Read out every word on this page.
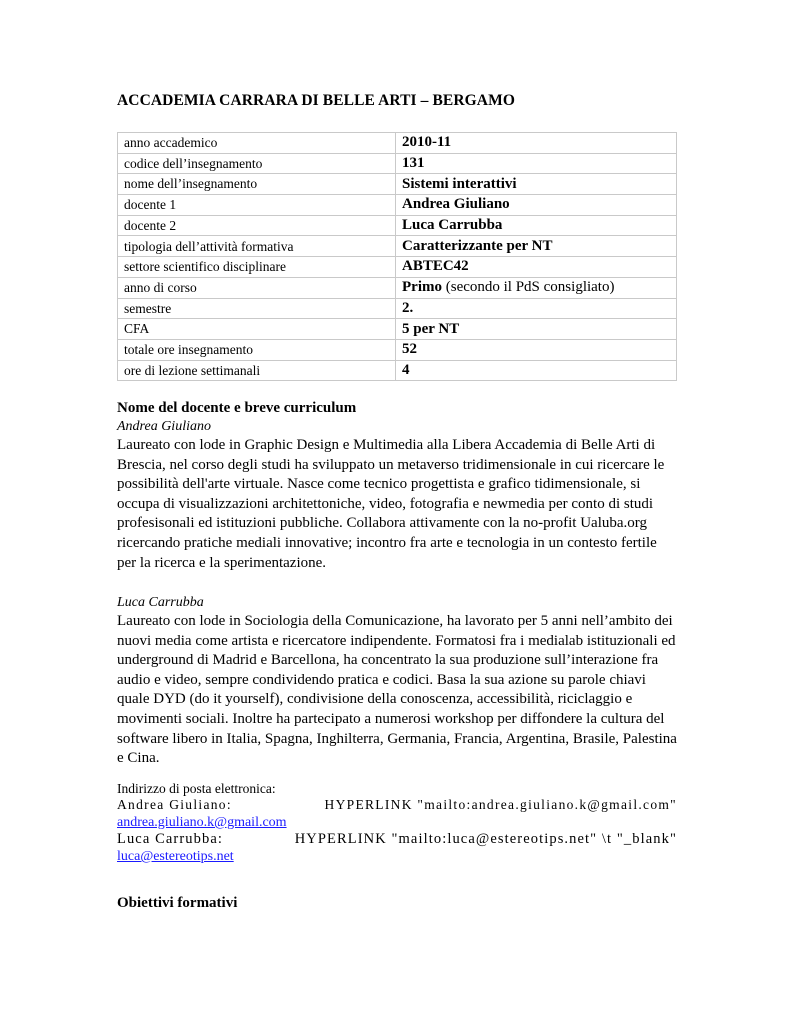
ACCADEMIA CARRARA DI BELLE ARTI – BERGAMO
anno accademico	2010-11
codice dell’insegnamento	131
nome dell’insegnamento	Sistemi interattivi
docente 1	Andrea Giuliano
docente 2	Luca Carrubba
tipologia dell’attività formativa	Caratterizzante per NT
settore scientifico disciplinare	ABTEC42
anno di corso	Primo (secondo il PdS consigliato)
semestre	2.
CFA	5 per NT
totale ore insegnamento	52
ore di lezione settimanali	4

Nome del docente e breve curriculum

Andrea Giuliano

Laureato con lode in Graphic Design e Multimedia alla Libera Accademia di Belle Arti di Brescia, nel corso degli studi ha sviluppato un metaverso tridimensionale in cui ricercare le possibilità dell'arte virtuale. Nasce come tecnico progettista e grafico tidimensionale, si occupa di visualizzazioni architettoniche, video, fotografia e newmedia per conto di studi profesisonali ed istituzioni pubbliche. Collabora attivamente con la no-profit Ualuba.org ricercando pratiche mediali innovative; incontro fra arte e tecnologia in un contesto fertile per la ricerca e la sperimentazione.

Luca Carrubba

Laureato con lode in Sociologia della Comunicazione, ha lavorato per 5 anni nell’ambito dei nuovi media come artista e ricercatore indipendente. Formatosi fra i medialab istituzionali ed underground di Madrid e Barcellona, ha concentrato la sua produzione sull’interazione fra audio e video, sempre condividendo pratica e codici. Basa la sua azione su parole chiavi quale DYD (do it yourself), condivisione della conoscenza, accessibilità, riciclaggio e movimenti sociali. Inoltre ha partecipato a numerosi workshop per diffondere la cultura del software libero in Italia, Spagna, Inghilterra, Germania, Francia, Argentina, Brasile, Palestina e Cina.

Indirizzo di posta elettronica:

Andrea Giuliano:	HYPERLINK "mailto:andrea.giuliano.k@gmail.com"

andrea.giuliano.k@gmail.com

Luca Carrubba:	HYPERLINK "mailto:luca@estereotips.net" \t "_blank"

luca@estereotips.net

Obiettivi formativi
